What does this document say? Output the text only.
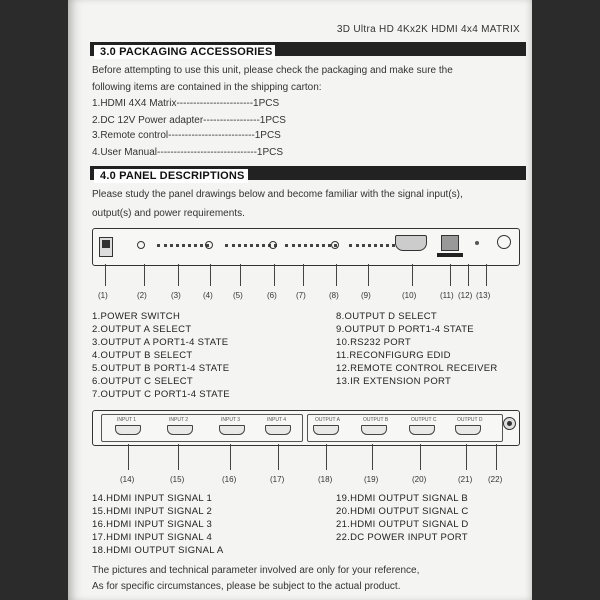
3D Ultra HD 4Kx2K HDMI 4x4 MATRIX
3.0 PACKAGING ACCESSORIES
Before attempting to use this unit, please check the packaging and make sure the
following items are contained in the shipping carton:
1.HDMI 4X4 Matrix-----------------------1PCS
2.DC 12V Power adapter-----------------1PCS
3.Remote control--------------------------1PCS
4.User Manual------------------------------1PCS
4.0 PANEL DESCRIPTIONS
Please study the panel drawings below and become familiar with the signal input(s),
output(s) and power requirements.
(1)	(2)	(3)	(4)	(5)	(6) (7)	(8)	(9)	(10)	(11) (12) (13)
1.POWER SWITCH
2.OUTPUT A SELECT
3.OUTPUT A PORT1-4 STATE
4.OUTPUT B SELECT
5.OUTPUT B PORT1-4 STATE
6.OUTPUT C SELECT
7.OUTPUT C PORT1-4 STATE
8.OUTPUT D SELECT
9.OUTPUT D PORT1-4 STATE
10.RS232 PORT
11.RECONFIGURG EDID
12.REMOTE CONTROL RECEIVER
13.IR EXTENSION PORT
INPUT 1	INPUT 2	INPUT 3	INPUT 4	OUTPUT A	OUTPUT B	OUTPUT C	OUTPUT D
(14)	(15)	(16)	(17)	(18)	(19)	(20)	(21) (22)
14.HDMI INPUT SIGNAL 1
15.HDMI INPUT SIGNAL 2
16.HDMI INPUT SIGNAL 3
17.HDMI INPUT SIGNAL 4
18.HDMI OUTPUT SIGNAL A
19.HDMI OUTPUT SIGNAL B
20.HDMI OUTPUT SIGNAL C
21.HDMI OUTPUT SIGNAL D
22.DC POWER INPUT PORT
The pictures and technical parameter involved are only for your reference,
As for specific circumstances, please be subject to the actual product.
